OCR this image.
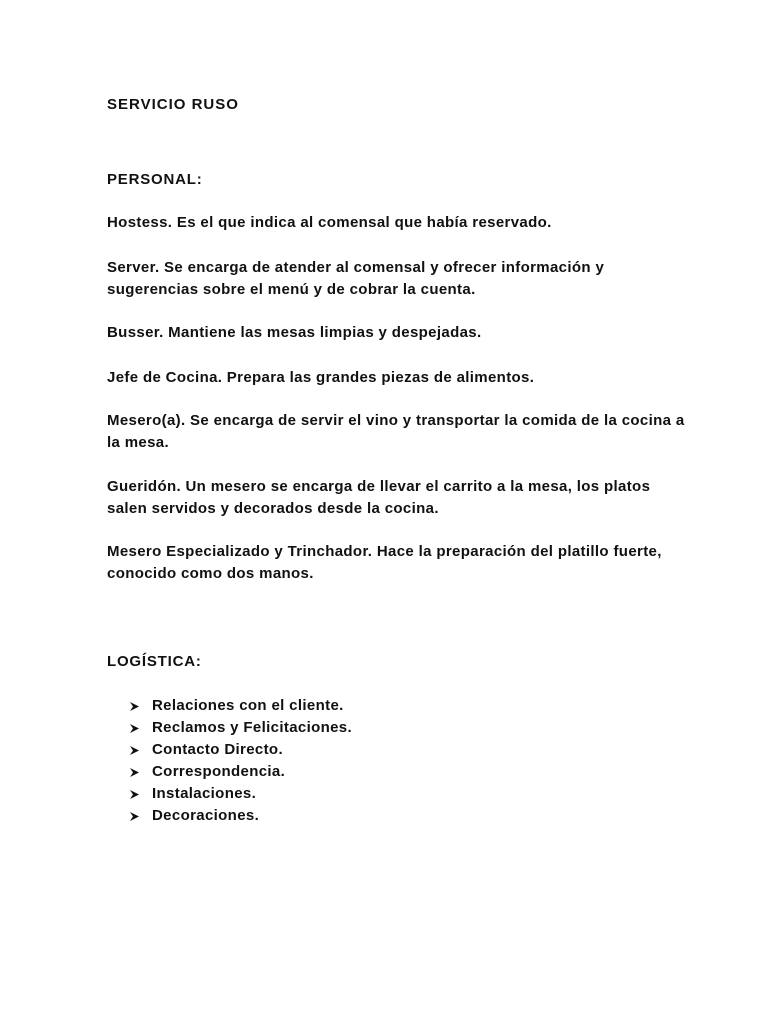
SERVICIO RUSO
PERSONAL:

Hostess. Es el que indica al comensal que había reservado.

Server. Se encarga de atender al comensal y ofrecer información y sugerencias sobre el menú y de cobrar la cuenta.

Busser. Mantiene las mesas limpias y despejadas.

Jefe de Cocina. Prepara las grandes piezas de alimentos.

Mesero(a). Se encarga de servir el vino y transportar la comida de la cocina a la mesa.

Gueridón. Un mesero se encarga de llevar el carrito a la mesa, los platos salen servidos y decorados desde la cocina.

Mesero Especializado y Trinchador. Hace la preparación del platillo fuerte, conocido como dos manos.

LOGÍSTICA:
Relaciones con el cliente.
Reclamos y Felicitaciones.
Contacto Directo.
Correspondencia.
Instalaciones.
Decoraciones.
